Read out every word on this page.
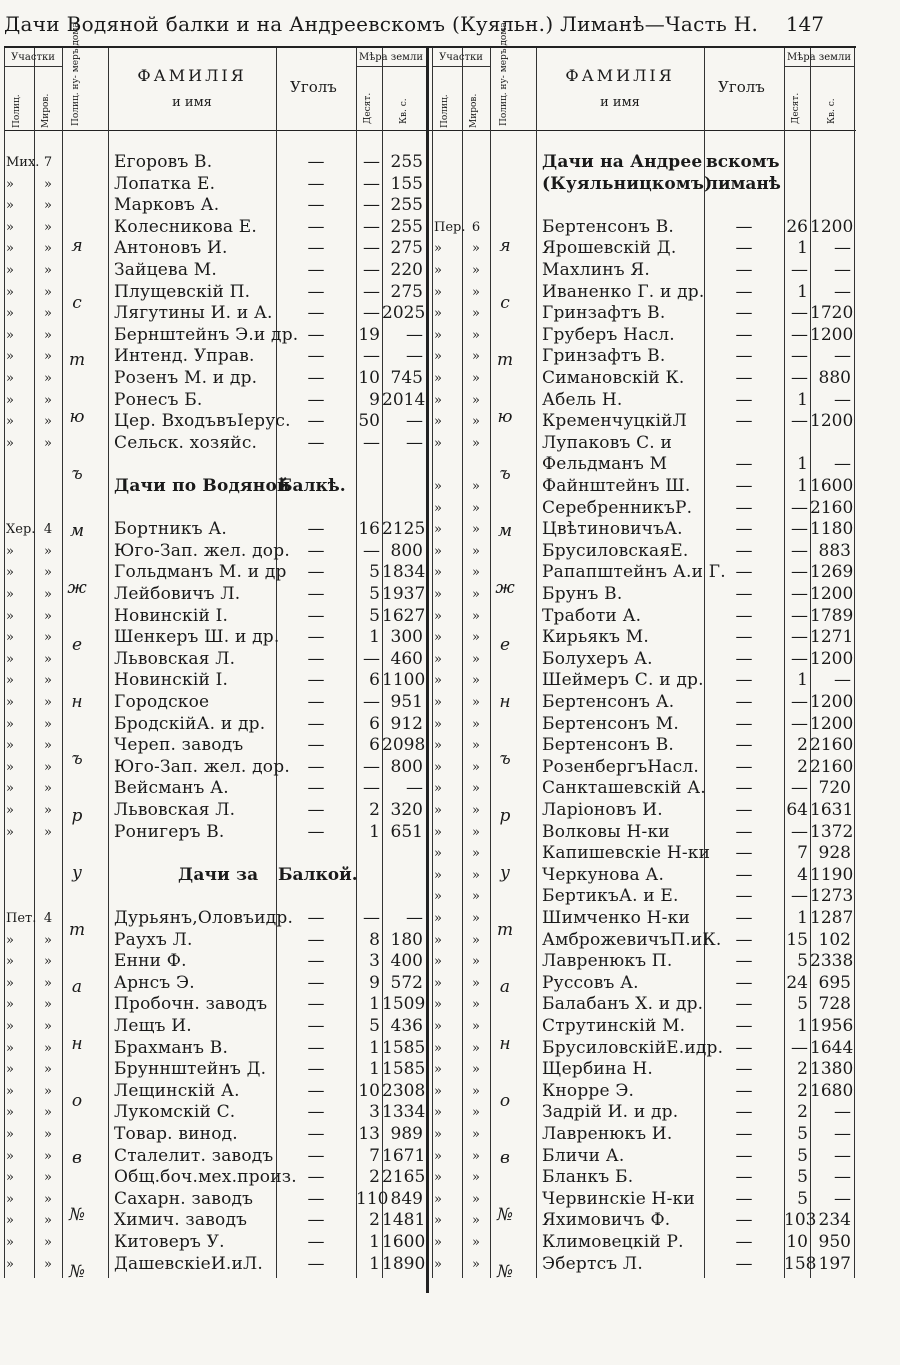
Дачи Водяной балки и на Андреевскомъ (Куяльн.) Лиманѣ—Часть Н. 147
Участки
Полиц. Миров. Полиц. ну- меръ дома	ФАМИЛІЯ
и имя
Уголъ
Мѣра земли
Десят.	Кв. с.
Участки
Полиц. Миров. Полиц. ну- меръ дома	ФАМИЛІЯ
и имя
Уголъ
Мѣра земли
Десят.	Кв. с.
я
с
т
ю
ъ
м
ж
е
н
ъ
р
у
т
а
н
о
в
№
№
я
с
т
ю
ъ
м
ж
е
н
ъ
р
у
т
а
н
о
в
№
№
Мих. 7	Егоровъ В.	—	— 255
»	»	Лопатка Е.	—	— 155
»	»	Марковъ А.	—	— 255
»	»	Колесникова Е.	—	— 255
»	»	Антоновъ И.	—	— 275
»	»	Зайцева М.	—	— 220
»	»	Плущевскій П.	—	— 275
»	»	Лягутины И. и А.	—	— 2025
»	»	Бернштейнъ Э.и др. —	19	—
»	»	Интенд. Управ.	—	—	—
»	»	Розенъ М. и др.	—	10 745
»	»	Ронесъ Б.	—	9 2014
»	»	Цер. ВходъвъІерус. —	50	—
»	»	Сельск. хозяйс.	—	—	—
Дачи по Водяной
Балкѣ.
Хер. 4	Бортникъ А.	—	16 2125
»	»	Юго-Зап. жел. дор.	—	— 800
»	»	Гольдманъ М. и др	—	5 1834
»	»	Лейбовичъ Л.	—	5 1937
»	»	Новинскій І.	—	5 1627
»	»	Шенкеръ Ш. и др.	—	1 300
»	»	Львовская Л.	—	— 460
»	»	Новинскій І.	—	6 1100
»	»	Городское	—	— 951
»	»	БродскійА. и др.	—	6 912
»	»	Череп. заводъ	—	6 2098
»	»	Юго-Зап. жел. дор.	—	— 800
»	»	Вейсманъ А.	—	—	—
»	»	Львовская Л.	—	2 320
»	»	Ронигеръ В.	—	1 651
Дачи за	Балкой.
Пет. 4	Дурьянъ,Оловъидр. —	—	—
»	»	Раухъ Л.	—	8 180
»	»	Енни Ф.	—	3 400
»	»	Арнсъ Э.	—	9 572
»	»	Пробочн. заводъ	—	1 1509
»	»	Лещъ И.	—	5 436
»	»	Брахманъ В.	—	1 1585
»	»	Бруннштейнъ Д.	—	1 1585
»	»	Лещинскій А.	—	10 2308
»	»	Лукомскій С.	—	3 1334
»	»	Товар. винод.	—	13 989
»	»	Сталелит. заводъ	—	7 1671
»	»	Общ.боч.мех.произ. —	2 2165
»	»	Сахарн. заводъ	—	110 849
»	»	Химич. заводъ	—	2 1481
»	»	Китоверъ У.	—	1 1600
»	»	ДашевскіеИ.иЛ.	—	1 1890
Дачи на Андрее вскомъ
(Куяльницкомъ)
лиманѣ
Пер. 6	Бертенсонъ В.	—	26 1200
»	»	Ярошевскій Д.	—	1	—
»	»	Махлинъ Я.	—	—	—
»	»	Иваненко Г. и др.	—	1	—
»	»	Гринзафтъ В.	—	— 1720
»	»	Груберъ Насл.	—	— 1200
»	»	Гринзафтъ В.	—	—	—
»	»	Симановскій К.	—	— 880
»	»	Абель Н.	—	1	—
»	»	КременчуцкійЛ	—	— 1200
»	»	Лупаковъ С. и
Фельдманъ М	—	1	—
»	»	Файнштейнъ Ш.	—	1 1600
»	»	СеребренникъР.	—	— 2160
»	»	ЦвѣтиновичъА.	—	— 1180
»	»	БрусиловскаяЕ.	—	— 883
»	»	Рапапштейнъ А.и Г. —	— 1269
»	»	Брунъ В.	—	— 1200
»	»	Тработи А.	—	— 1789
»	»	Кирьякъ М.	—	— 1271
»	»	Болухеръ А.	—	— 1200
»	»	Шеймеръ С. и др.	—	1	—
»	»	Бертенсонъ А.	—	— 1200
»	»	Бертенсонъ М.	—	— 1200
»	»	Бертенсонъ В.	—	2 2160
»	»	РозенбергъНасл.	—	2 2160
»	»	Санкташевскій А.	—	— 720
»	»	Ларіоновъ И.	—	64 1631
»	»	Волковы Н-ки	—	— 1372
»	»	Капишевскіе Н-ки	—	7 928
»	»	Черкунова А.	—	4 1190
»	»	БертикъА. и Е.	—	— 1273
»	»	Шимченко Н-ки	—	1 1287
»	»	АмброжевичъП.иК. —	15 102
»	»	Лавренюкъ П.	—	5 2338
»	»	Руссовъ А.	—	24 695
»	»	Балабанъ Х. и др.	—	5 728
»	»	Струтинскій М.	—	1 1956
»	»	БрусиловскійЕ.идр. —	— 1644
»	»	Щербина Н.	—	2 1380
»	»	Кнорре Э.	—	2 1680
»	»	Задрій И. и др.	—	2	—
»	»	Лавренюкъ И.	—	5	—
»	»	Бличи А.	—	5	—
»	»	Бланкъ Б.	—	5	—
»	»	Червинскіе Н-ки	—	5	—
»	»	Яхимовичъ Ф.	—	103 234
»	»	Климовецкій Р.	—	10 950
»	»	Эбертсъ Л.	—	158 197
